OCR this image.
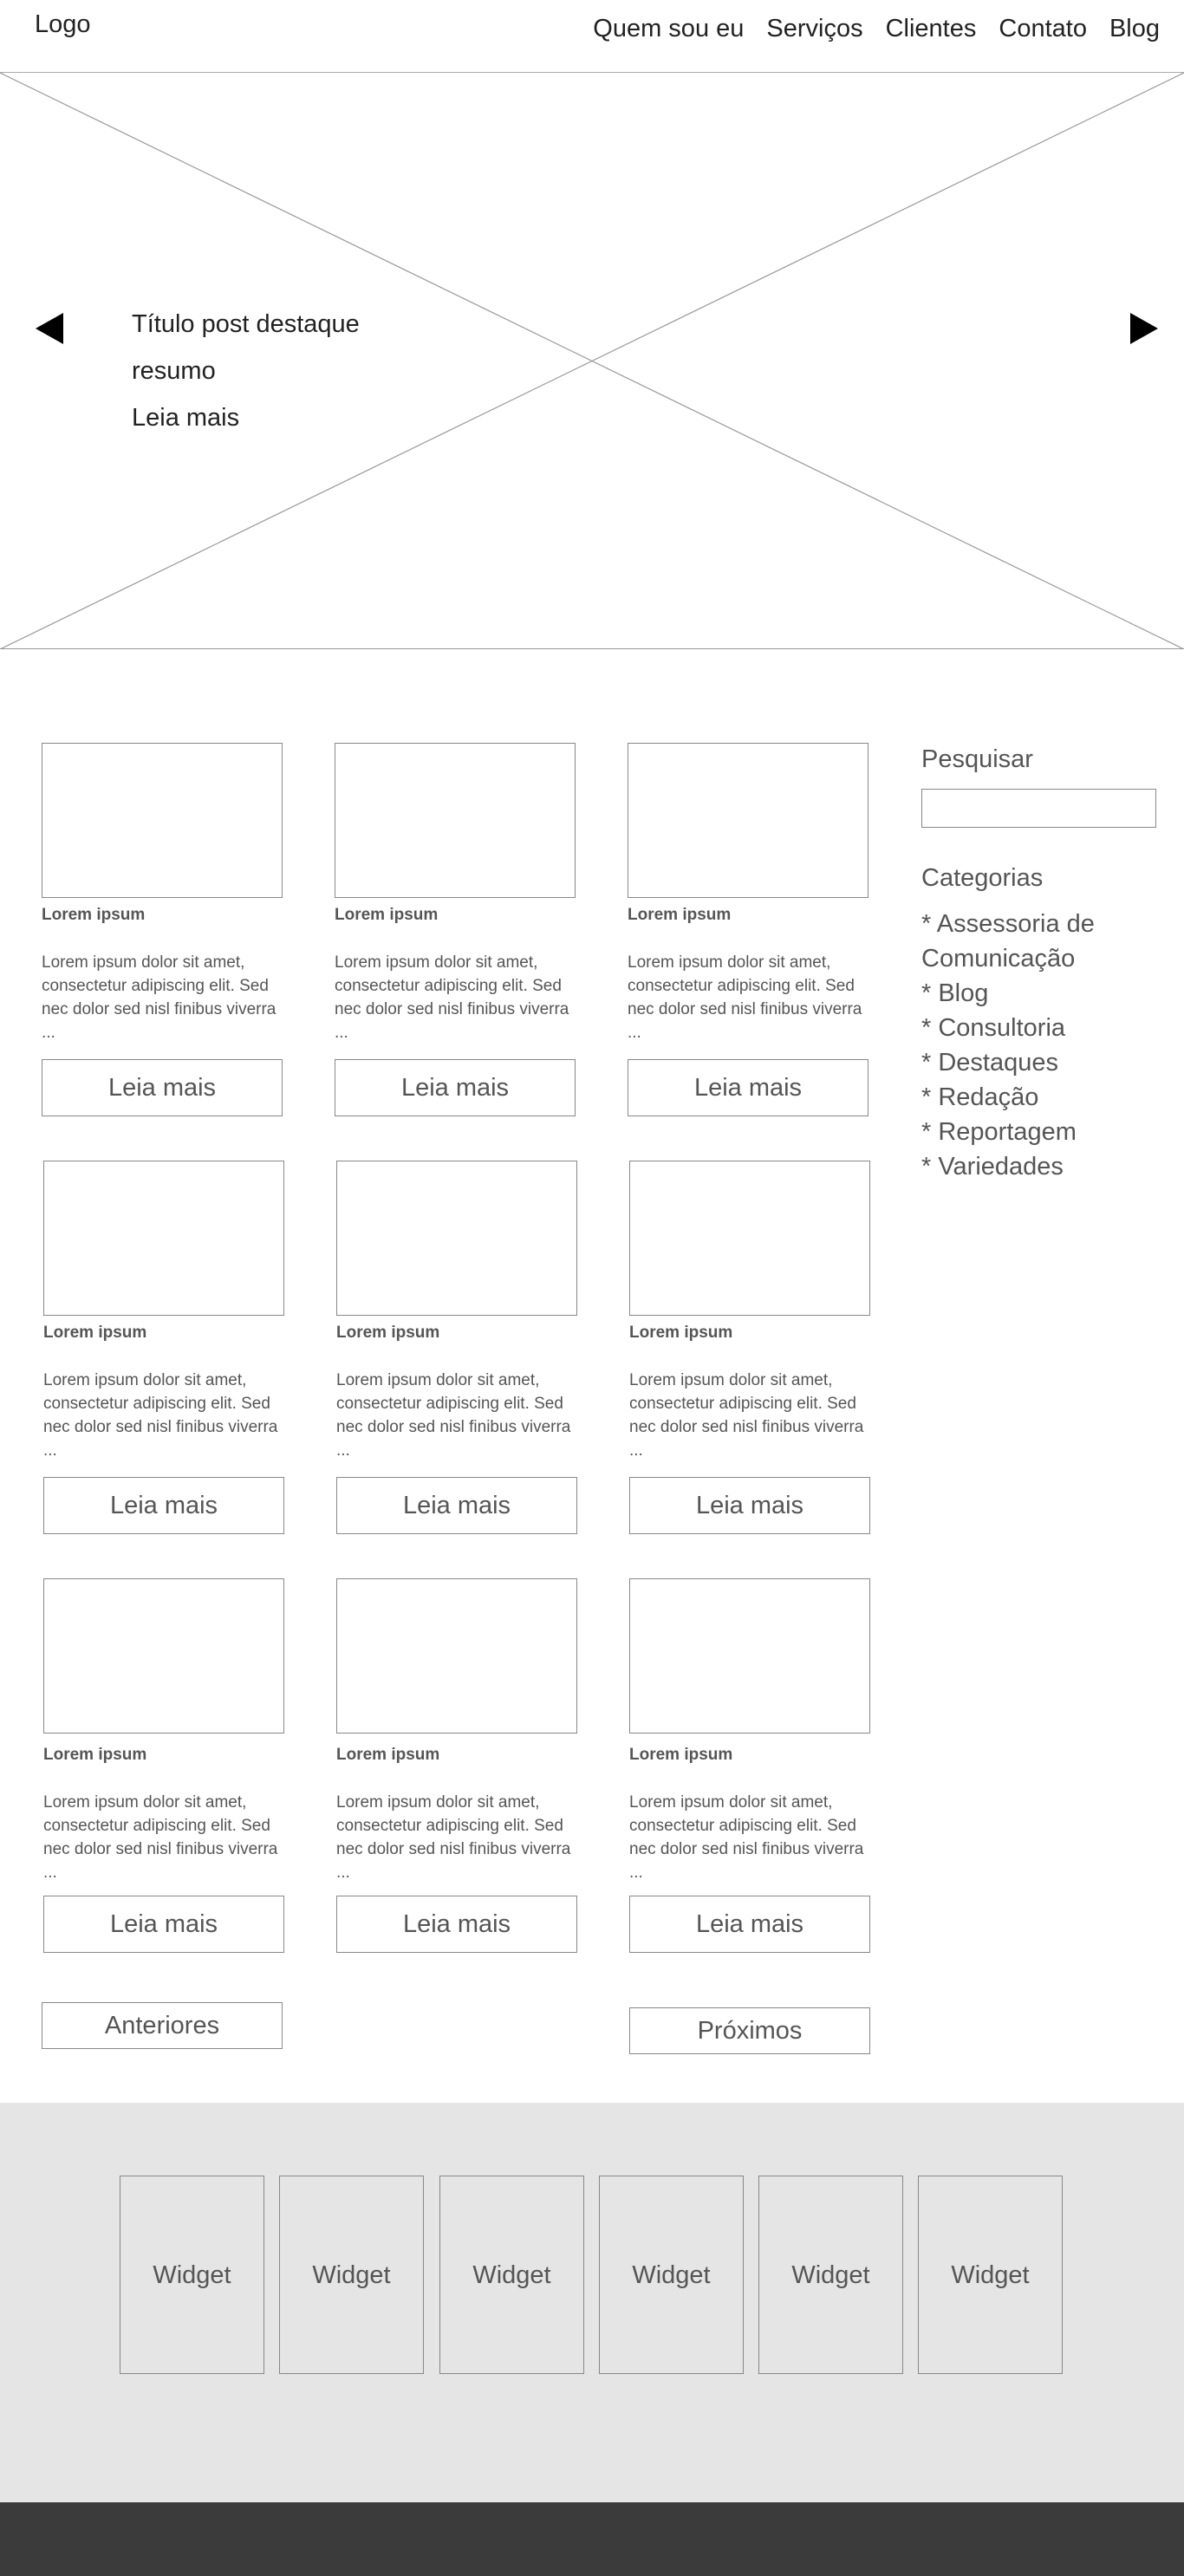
Logo	Quem sou eu Serviços Clientes Contato Blog
Título post destaque
resumo
Leia mais
Lorem ipsum
Lorem ipsum dolor sit amet, consectetur adipiscing elit. Sed nec dolor sed nisl finibus viverra ...
Leia mais
Lorem ipsum
Lorem ipsum dolor sit amet, consectetur adipiscing elit. Sed nec dolor sed nisl finibus viverra ...
Leia mais
Lorem ipsum
Lorem ipsum dolor sit amet, consectetur adipiscing elit. Sed nec dolor sed nisl finibus viverra ...
Leia mais
Lorem ipsum
Lorem ipsum dolor sit amet, consectetur adipiscing elit. Sed nec dolor sed nisl finibus viverra ...
Leia mais
Lorem ipsum
Lorem ipsum dolor sit amet, consectetur adipiscing elit. Sed nec dolor sed nisl finibus viverra ...
Leia mais
Lorem ipsum
Lorem ipsum dolor sit amet, consectetur adipiscing elit. Sed nec dolor sed nisl finibus viverra ...
Leia mais
Lorem ipsum
Lorem ipsum dolor sit amet, consectetur adipiscing elit. Sed nec dolor sed nisl finibus viverra ...
Leia mais
Lorem ipsum
Lorem ipsum dolor sit amet, consectetur adipiscing elit. Sed nec dolor sed nisl finibus viverra ...
Leia mais
Lorem ipsum
Lorem ipsum dolor sit amet, consectetur adipiscing elit. Sed nec dolor sed nisl finibus viverra ...
Leia mais
Anteriores	Próximos
Pesquisar
Categorias
* Assessoria de Comunicação
* Blog
* Consultoria
* Destaques
* Redação
* Reportagem
* Variedades
Widget	Widget	Widget	Widget	Widget	Widget
